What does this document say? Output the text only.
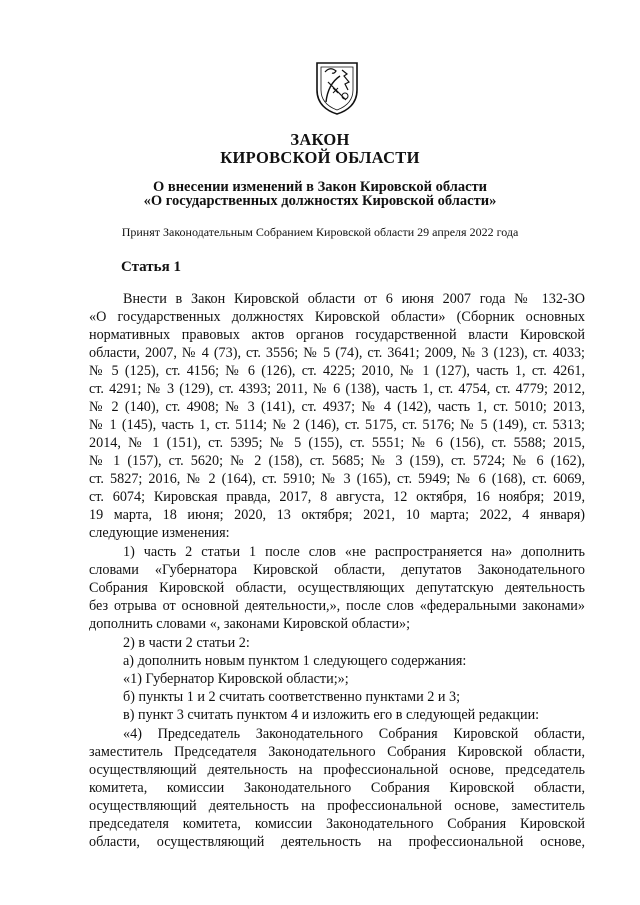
ЗАКОН
КИРОВСКОЙ ОБЛАСТИ
О внесении изменений в Закон Кировской области
«О государственных должностях Кировской области»
Принят Законодательным Собранием Кировской области 29 апреля 2022 года
Статья 1
Внести в Закон Кировской области от 6 июня 2007 года № 132-ЗО
«О государственных должностях Кировской области» (Сборник основных
нормативных правовых актов органов государственной власти Кировской
области, 2007, № 4 (73), ст. 3556; № 5 (74), ст. 3641; 2009, № 3 (123), ст. 4033;
№ 5 (125), ст. 4156; № 6 (126), ст. 4225; 2010, № 1 (127), часть 1, ст. 4261,
ст. 4291; № 3 (129), ст. 4393; 2011, № 6 (138), часть 1, ст. 4754, ст. 4779; 2012,
№ 2 (140), ст. 4908; № 3 (141), ст. 4937; № 4 (142), часть 1, ст. 5010; 2013,
№ 1 (145), часть 1, ст. 5114; № 2 (146), ст. 5175, ст. 5176; № 5 (149), ст. 5313;
2014, № 1 (151), ст. 5395; № 5 (155), ст. 5551; № 6 (156), ст. 5588; 2015,
№ 1 (157), ст. 5620; № 2 (158), ст. 5685; № 3 (159), ст. 5724; № 6 (162),
ст. 5827; 2016, № 2 (164), ст. 5910; № 3 (165), ст. 5949; № 6 (168), ст. 6069,
ст. 6074; Кировская правда, 2017, 8 августа, 12 октября, 16 ноября; 2019,
19 марта, 18 июня; 2020, 13 октября; 2021, 10 марта; 2022, 4 января)
следующие изменения:
1) часть 2 статьи 1 после слов «не распространяется на» дополнить
словами «Губернатора Кировской области, депутатов Законодательного
Собрания Кировской области, осуществляющих депутатскую деятельность
без отрыва от основной деятельности,», после слов «федеральными законами»
дополнить словами «, законами Кировской области»;
2) в части 2 статьи 2:
а) дополнить новым пунктом 1 следующего содержания:
«1) Губернатор Кировской области;»;
б) пункты 1 и 2 считать соответственно пунктами 2 и 3;
в) пункт 3 считать пунктом 4 и изложить его в следующей редакции:
«4) Председатель Законодательного Собрания Кировской области,
заместитель Председателя Законодательного Собрания Кировской области,
осуществляющий деятельность на профессиональной основе, председатель
комитета, комиссии Законодательного Собрания Кировской области,
осуществляющий деятельность на профессиональной основе, заместитель
председателя комитета, комиссии Законодательного Собрания Кировской
области, осуществляющий деятельность на профессиональной основе,
